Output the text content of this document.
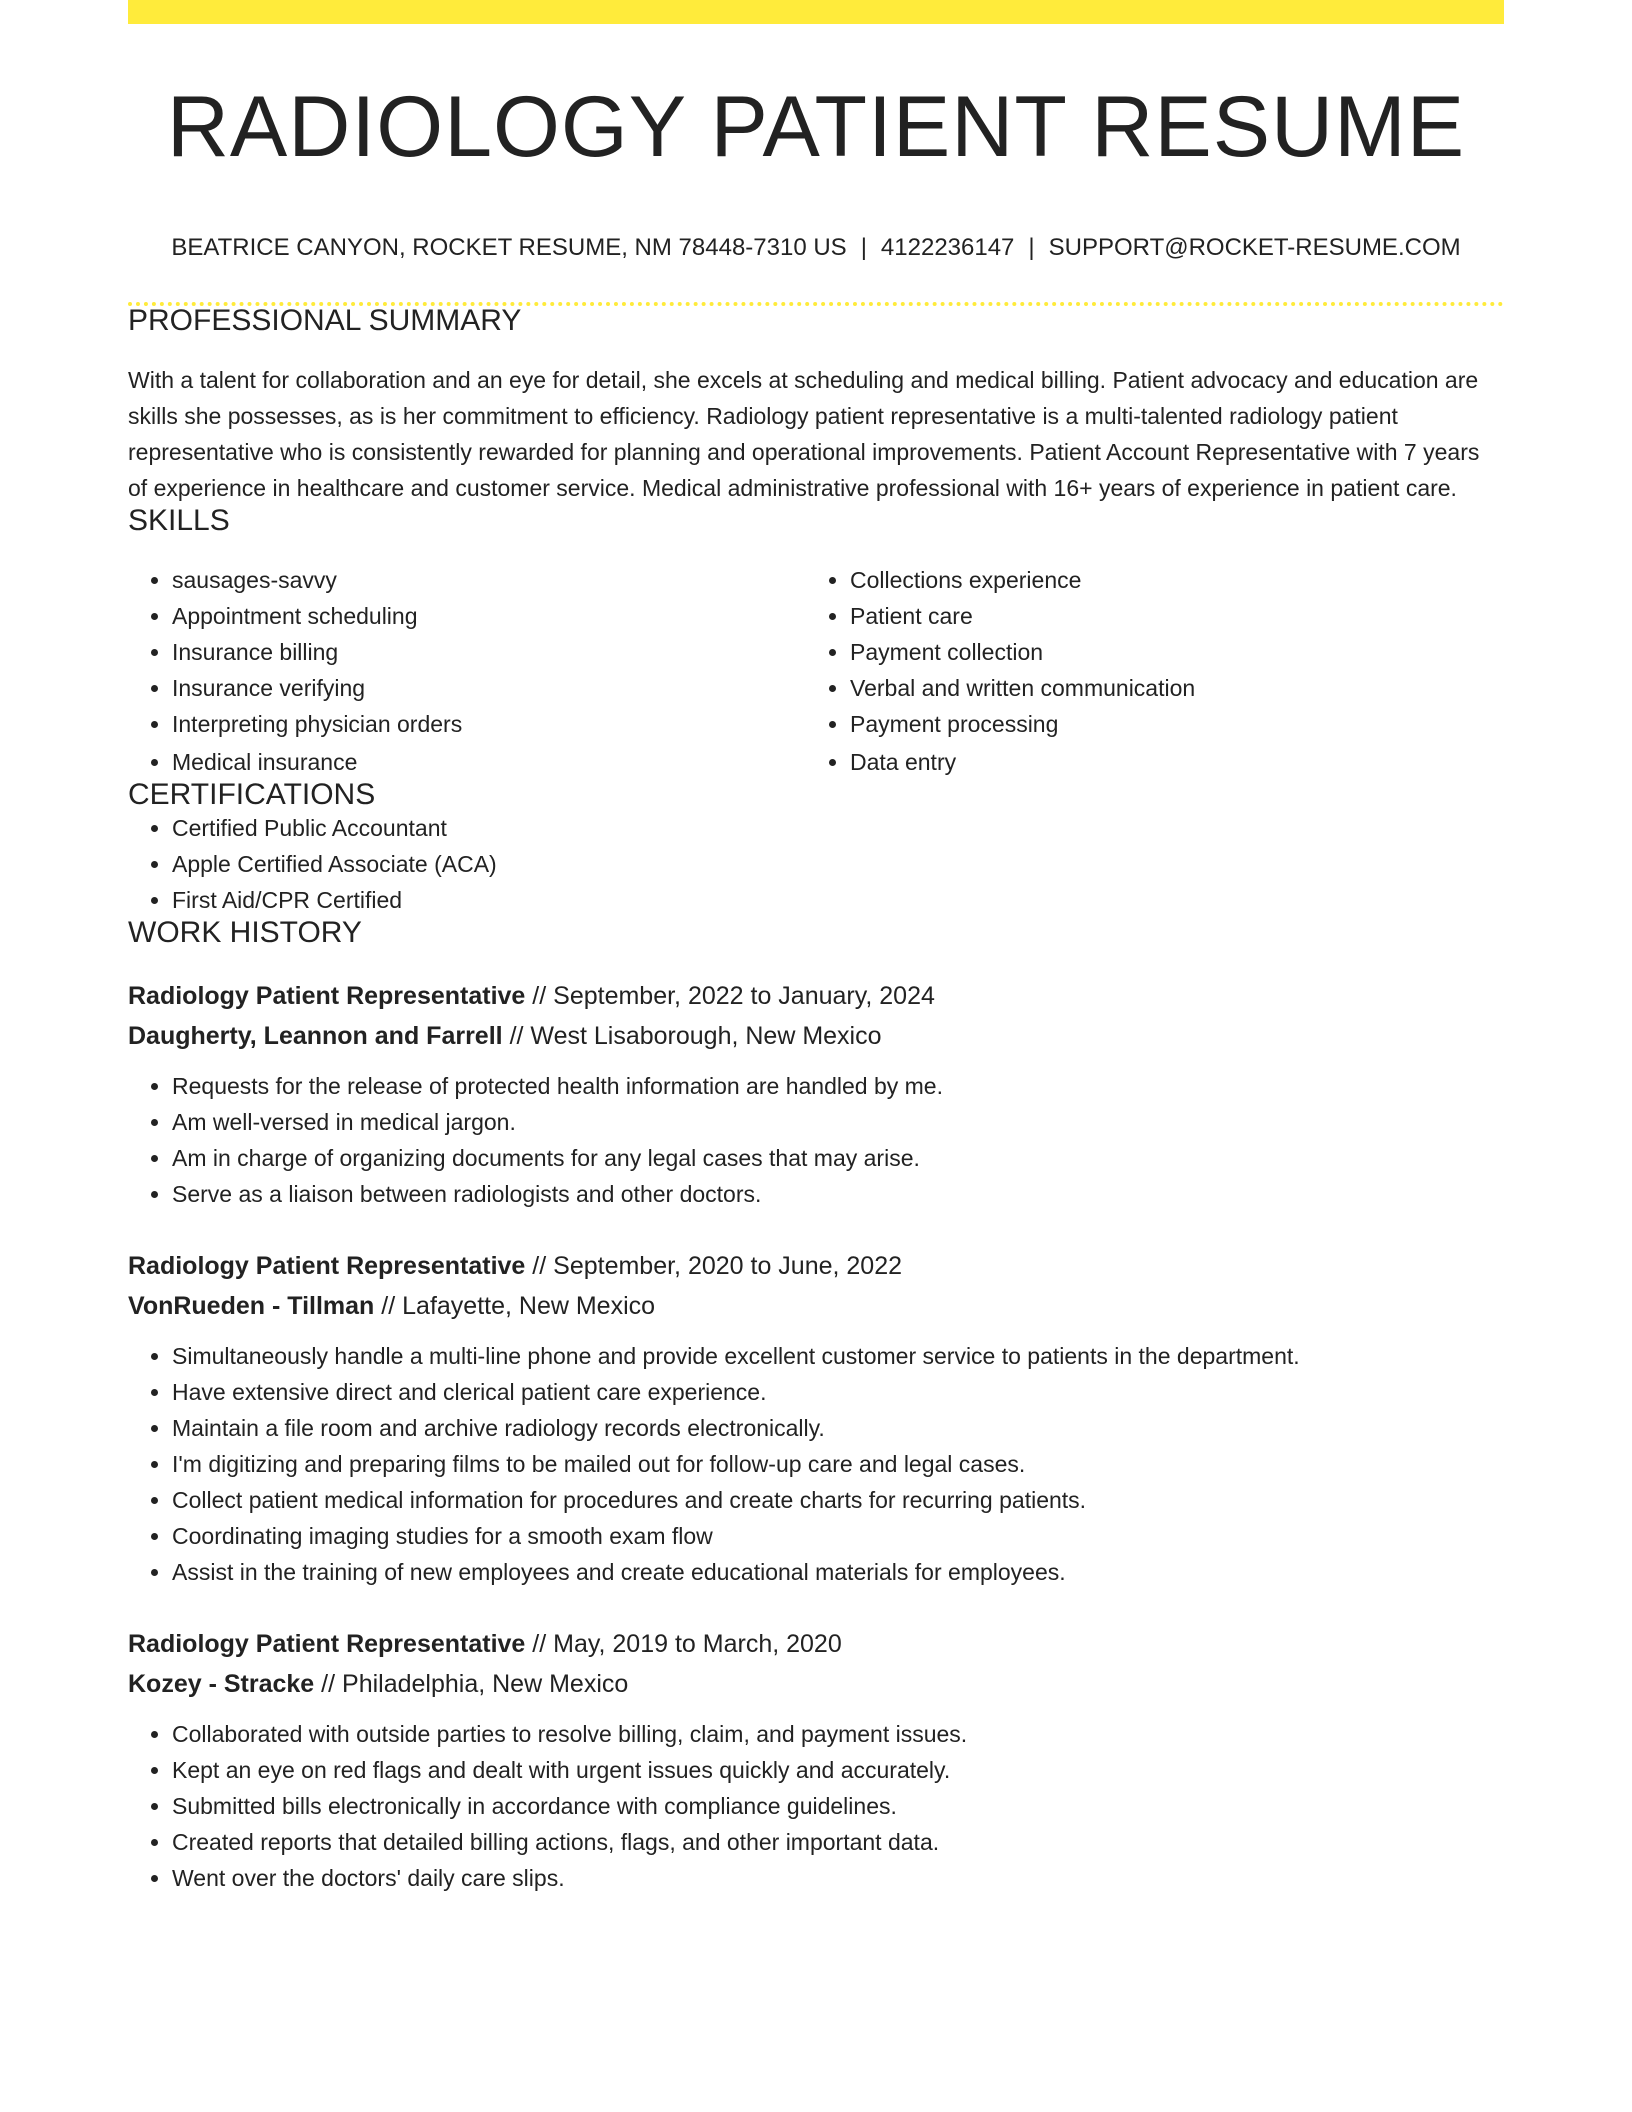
RADIOLOGY PATIENT RESUME
BEATRICE CANYON, ROCKET RESUME, NM 78448-7310 US | 4122236147 | SUPPORT@ROCKET-RESUME.COM
PROFESSIONAL SUMMARY

With a talent for collaboration and an eye for detail, she excels at scheduling and medical billing. Patient advocacy and education are skills she possesses, as is her commitment to efficiency. Radiology patient representative is a multi-talented radiology patient representative who is consistently rewarded for planning and operational improvements. Patient Account Representative with 7 years of experience in healthcare and customer service. Medical administrative professional with 16+ years of experience in patient care.

SKILLS
• sausages-savvy
• Appointment scheduling
• Insurance billing
• Insurance verifying
• Interpreting physician orders
• Medical insurance
• Collections experience
• Patient care
• Payment collection
• Verbal and written communication
• Payment processing
• Data entry
CERTIFICATIONS
• Certified Public Accountant
• Apple Certified Associate (ACA)
• First Aid/CPR Certified
WORK HISTORY
Radiology Patient Representative // September, 2022 to January, 2024
Daugherty, Leannon and Farrell // West Lisaborough, New Mexico
• Requests for the release of protected health information are handled by me.
• Am well-versed in medical jargon.
• Am in charge of organizing documents for any legal cases that may arise.
• Serve as a liaison between radiologists and other doctors.
Radiology Patient Representative // September, 2020 to June, 2022
VonRueden - Tillman // Lafayette, New Mexico
• Simultaneously handle a multi-line phone and provide excellent customer service to patients in the department.
• Have extensive direct and clerical patient care experience.
• Maintain a file room and archive radiology records electronically.
• I'm digitizing and preparing films to be mailed out for follow-up care and legal cases.
• Collect patient medical information for procedures and create charts for recurring patients.
• Coordinating imaging studies for a smooth exam flow
• Assist in the training of new employees and create educational materials for employees.
Radiology Patient Representative // May, 2019 to March, 2020
Kozey - Stracke // Philadelphia, New Mexico
• Collaborated with outside parties to resolve billing, claim, and payment issues.
• Kept an eye on red flags and dealt with urgent issues quickly and accurately.
• Submitted bills electronically in accordance with compliance guidelines.
• Created reports that detailed billing actions, flags, and other important data.
• Went over the doctors' daily care slips.
